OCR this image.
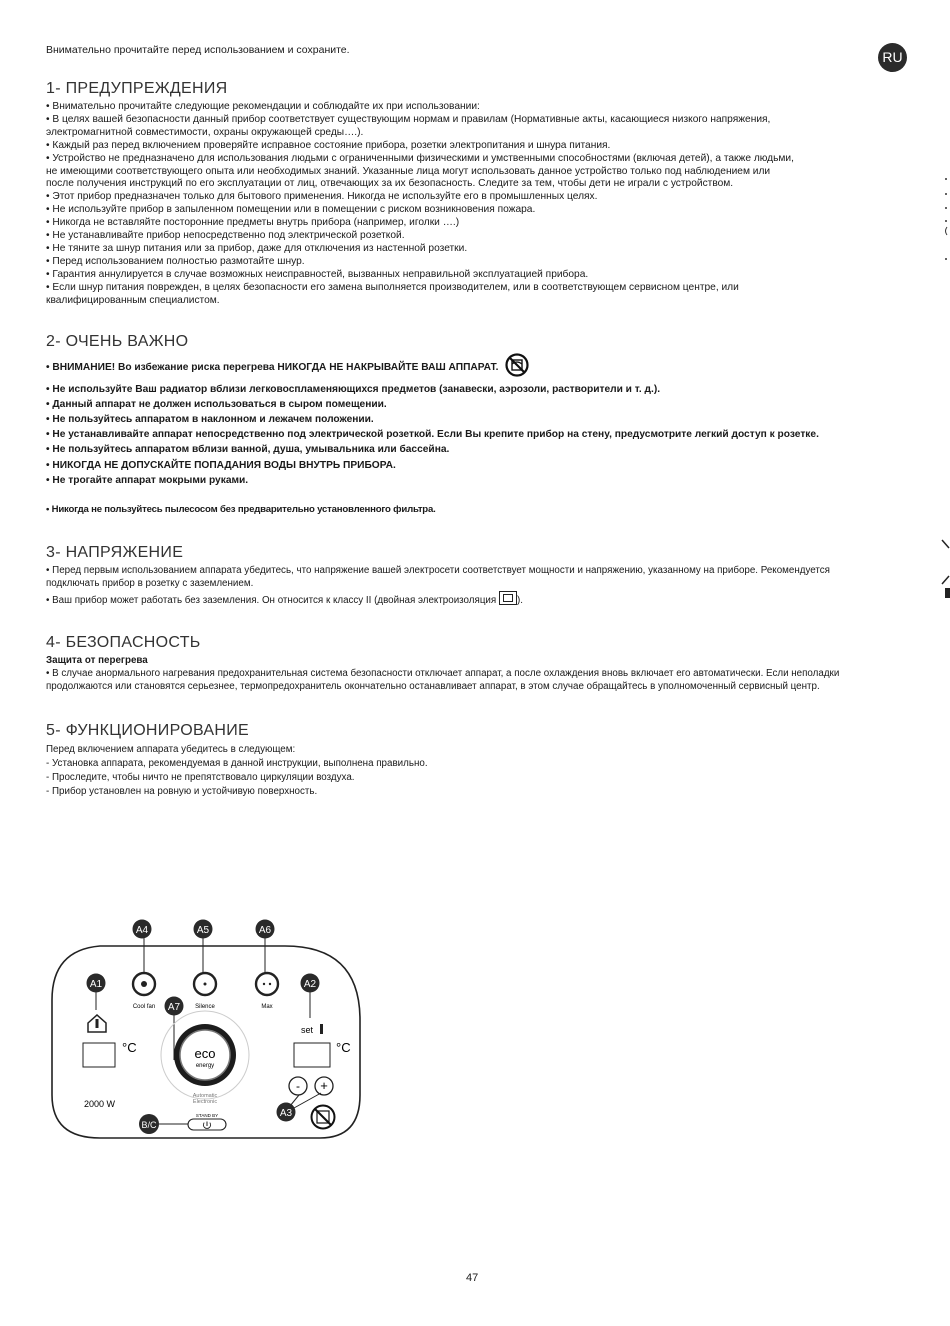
Внимательно прочитайте перед использованием и сохраните.	RU
1- ПРЕДУПРЕЖДЕНИЯ
• Внимательно прочитайте следующие рекомендации и соблюдайте их при использовании:
• В целях вашей безопасности данный прибор соответствует существующим нормам и правилам (Нормативные акты, касающиеся низкого напряжения,
электромагнитной совместимости, охраны окружающей среды….).
• Каждый раз перед включением проверяйте исправное состояние прибора, розетки электропитания и шнура питания.
• Устройство не предназначено для использования людьми с ограниченными физическими и умственными способностями (включая детей), а также людьми,
не имеющими соответствующего опыта или необходимых знаний. Указанные лица могут использовать данное устройство только под наблюдением или
после получения инструкций по его эксплуатации от лиц, отвечающих за их безопасность. Следите за тем, чтобы дети не играли с устройством.
• Этот прибор предназначен только для бытового применения. Никогда не используйте его в промышленных целях.
• Не используйте прибор в запыленном помещении или в помещении с риском возникновения пожара.
• Никогда не вставляйте посторонние предметы внутрь прибора (например, иголки ….)
• Не устанавливайте прибор непосредственно под электрической розеткой.
• Не тяните за шнур питания или за прибор, даже для отключения из настенной розетки.
• Перед использованием полностью размотайте шнур.
• Гарантия аннулируется в случае возможных неисправностей, вызванных неправильной эксплуатацией прибора.
• Если шнур питания поврежден, в целях безопасности его замена выполняется производителем, или в соответствующем сервисном центре, или
квалифицированным специалистом.
2- ОЧЕНЬ ВАЖНО
• ВНИМАНИЕ! Во избежание риска перегрева НИКОГДА НЕ НАКРЫВАЙТЕ ВАШ АППАРАТ.
• Не используйте Ваш радиатор вблизи легковоспламеняющихся предметов (занавески, аэрозоли, растворители и т. д.).
• Данный аппарат не должен использоваться в сыром помещении.
• Не пользуйтесь аппаратом в наклонном и лежачем положении.
• Не устанавливайте аппарат непосредственно под электрической розеткой. Если Вы крепите прибор на стену, предусмотрите легкий доступ к розетке.
• Не пользуйтесь аппаратом вблизи ванной, душа, умывальника или бассейна.
• НИКОГДА НЕ ДОПУСКАЙТЕ ПОПАДАНИЯ ВОДЫ ВНУТРЬ ПРИБОРА.
• Не трогайте аппарат мокрыми руками.
• Никогда не пользуйтесь пылесосом без предварительно установленного фильтра.
3- НАПРЯЖЕНИЕ
• Перед первым использованием аппарата убедитесь, что напряжение вашей электросети соответствует мощности и напряжению, указанному на приборе. Рекомендуется
подключать прибор в розетку с заземлением.
• Ваш прибор может работать без заземления. Он относится к классу II (двойная электроизоляция ).
4- БЕЗОПАСНОСТЬ
Защита от перегрева
• В случае анормального нагревания предохранительная система безопасности отключает аппарат, а после охлаждения вновь включает его автоматически. Если неполадки
продолжаются или становятся серьезнее, термопредохранитель окончательно останавливает аппарат, в этом случае обращайтесь в уполномоченный сервисный центр.
5- ФУНКЦИОНИРОВАНИЕ
Перед включением аппарата убедитесь в следующем:
- Установка аппарата, рекомендуемая в данной инструкции, выполнена правильно.
- Проследите, чтобы ничто не препятствовало циркуляции воздуха.
- Прибор установлен на ровную и устойчивую поверхность.
A4	A5	A6
Cool fan	Silence	Max
A1	A2
set
°C	°C
A7
eco
energy
Automatic
Electronic
2000 W
- +
A3
STAND BY
B/C
47
